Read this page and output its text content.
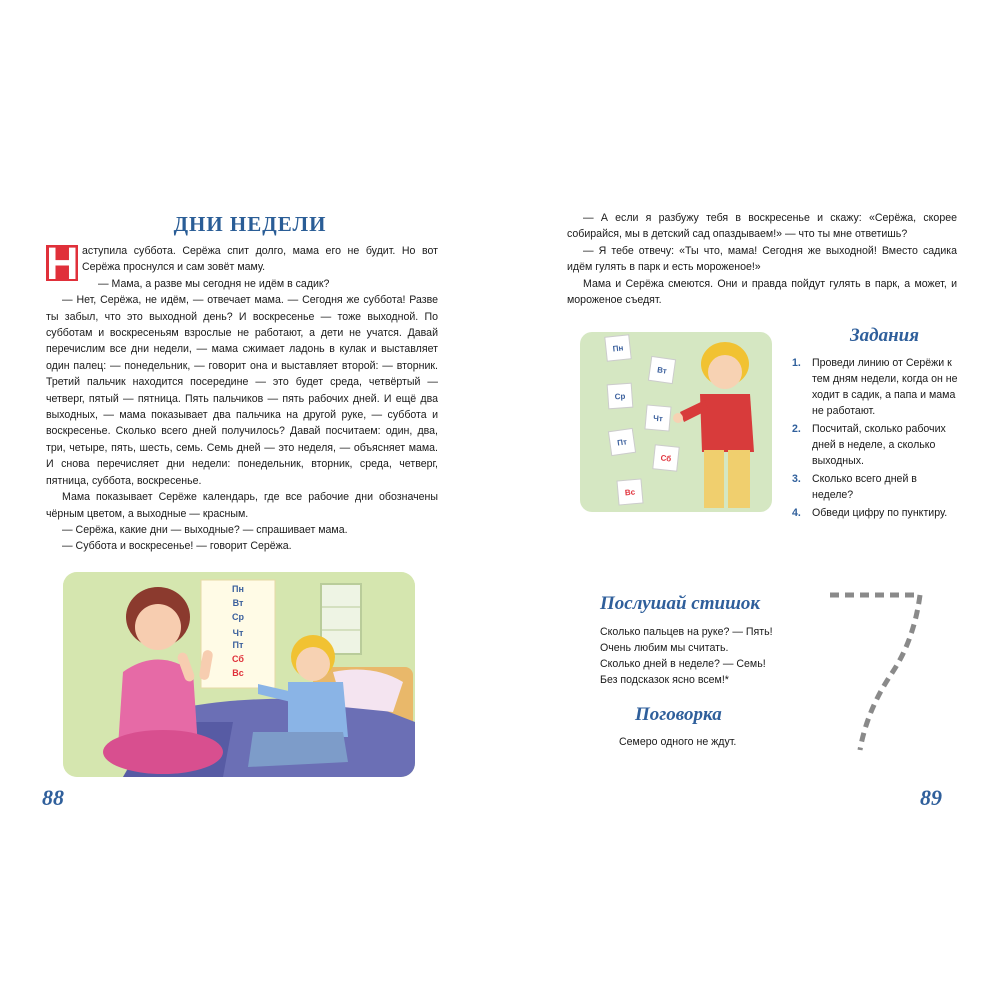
ДНИ НЕДЕЛИ

Н аступила суббота. Серёжа спит долго, мама его не будит. Но вот Серёжа проснулся и сам зовёт маму.

— Мама, а разве мы сегодня не идём в садик?

— Нет, Серёжа, не идём, — отвечает мама. — Сегодня же суббота! Разве ты забыл, что это выходной день? И воскресенье — тоже выходной. По субботам и воскресеньям взрослые не работают, а дети не учатся. Давай перечислим все дни недели, — мама сжимает ладонь в кулак и выставляет один палец: — понедельник, — говорит она и выставляет второй: — вторник. Третий пальчик находится посередине — это будет среда, четвёртый — четверг, пятый — пятница. Пять пальчиков — пять рабочих дней. И ещё два выходных, — мама показывает два пальчика на другой руке, — суббота и воскресенье. Сколько всего дней получилось? Давай посчитаем: один, два, три, четыре, пять, шесть, семь. Семь дней — это неделя, — объясняет мама. И снова перечисляет дни недели: понедельник, вторник, среда, четверг, пятница, суббота, воскресенье.

Мама показывает Серёже календарь, где все рабочие дни обозначены чёрным цветом, а выходные — красным.

— Серёжа, какие дни — выходные? — спрашивает мама.

— Суббота и воскресенье! — говорит Серёжа.

Пн
Вт
Ср
Чт
Пт
Сб
Вс
88

— А если я разбужу тебя в воскресенье и скажу: «Серёжа, скорее собирайся, мы в детский сад опаздываем!» — что ты мне ответишь?

— Я тебе отвечу: «Ты что, мама! Сегодня же выходной! Вместо садика идём гулять в парк и есть мороженое!»

Мама и Серёжа смеются. Они и правда пойдут гулять в парк, а может, и мороженое съедят.

Пн
Вт
Ср
Чт
Пт
Сб
Вс
Задания
1. Проведи линию от Серёжи к тем дням недели, когда он не ходит в садик, а папа и мама не работают.
2. Посчитай, сколько рабочих дней в неделе, а сколько выходных.
3. Сколько всего дней в неделе?
4. Обведи цифру по пунктиру.
Послушай стишок
Сколько пальцев на руке? — Пять!
Очень любим мы считать.
Сколько дней в неделе? — Семь!
Без подсказок ясно всем!*
Поговорка
Семеро одного не ждут.
89
